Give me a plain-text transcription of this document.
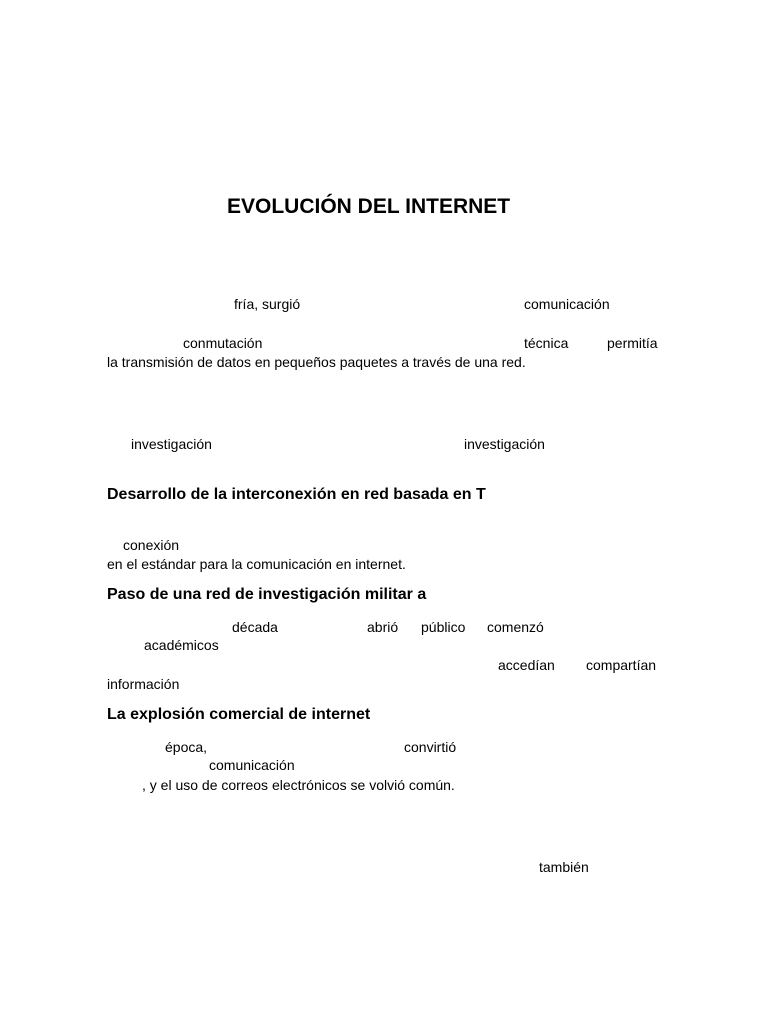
EVOLUCIÓN DEL INTERNET
fría, surgió	comunicación
conmutación	técnica	permitía
la transmisión de datos en pequeños paquetes a través de una red.
investigación	investigación
Desarrollo de la interconexión en red basada en T
conexión
en el estándar para la comunicación en internet.
Paso de una red de investigación militar a
década	abrió público comenzó
académicos
accedían compartían
información
La explosión comercial de internet
época,	convirtió
comunicación
, y el uso de correos electrónicos se volvió común.
también
